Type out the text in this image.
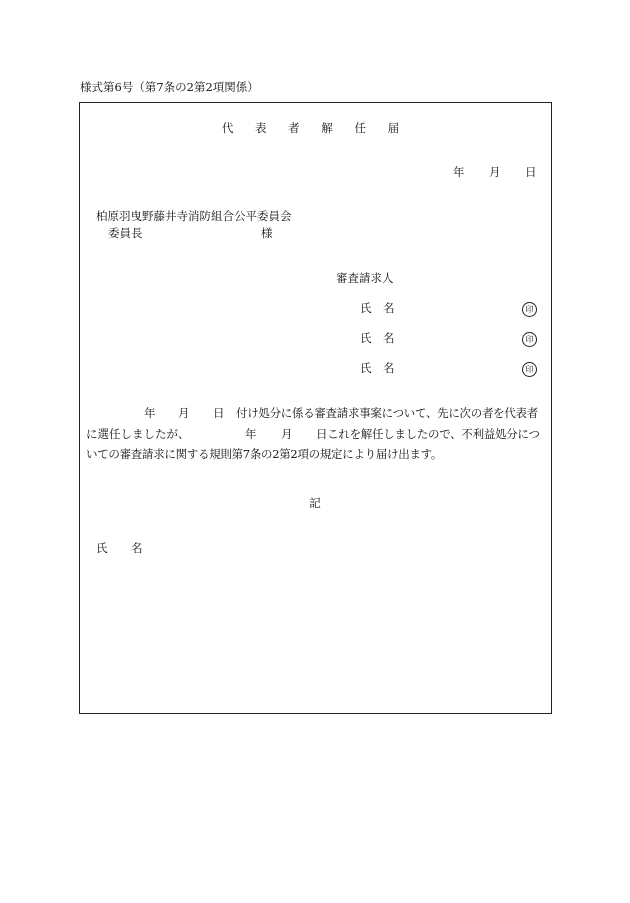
様式第6号（第7条の2第2項関係）
代 表 者 解 任 届
年 月 日
柏原羽曳野藤井寺消防組合公平委員会
委員長	様
審査請求人
氏 名	印
氏 名	印
氏 名	印
年 月 日 付け処分に係る審査請求事案について、先に次の者を代表者
に選任しましたが、	年 月 日これを解任しましたので、不利益処分につ
いての審査請求に関する規則第7条の2第2項の規定により届け出ます。
記
氏 名
